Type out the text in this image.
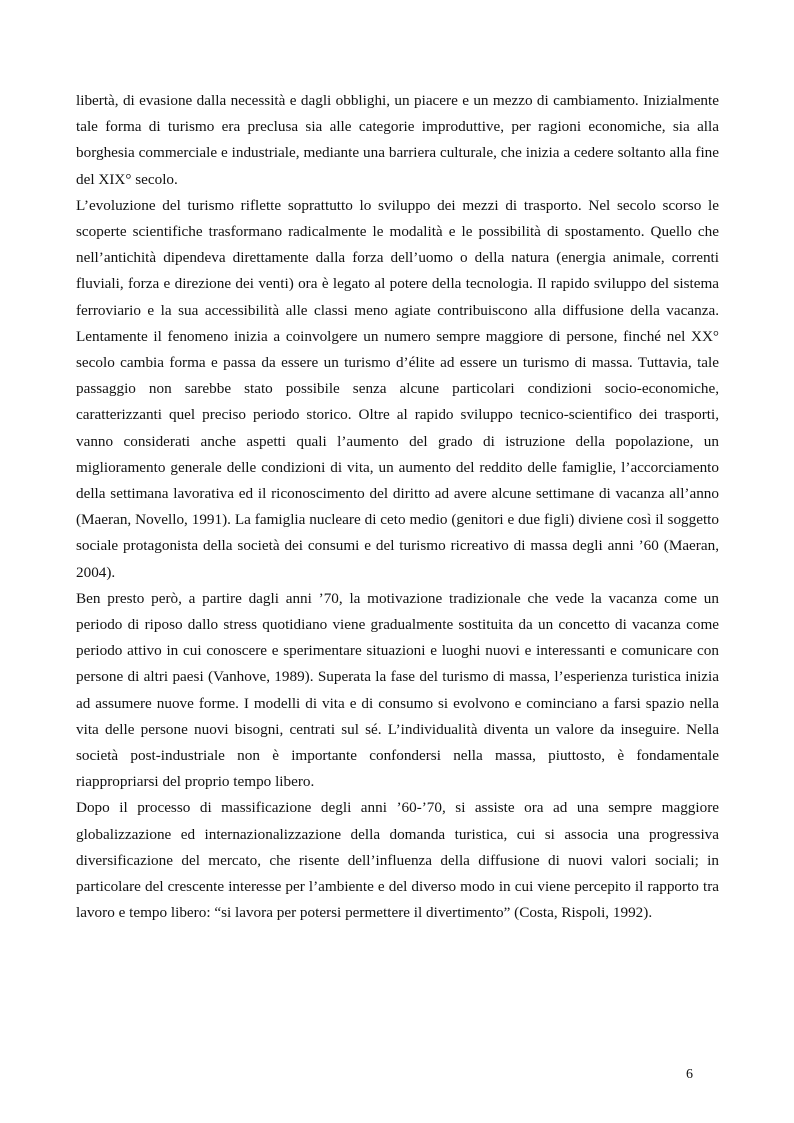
libertà, di evasione dalla necessità e dagli obblighi, un piacere e un mezzo di cambiamento. Inizialmente tale forma di turismo era preclusa sia alle categorie improduttive, per ragioni economiche, sia alla borghesia commerciale e industriale, mediante una barriera culturale, che inizia a cedere soltanto alla fine del XIX° secolo.

L’evoluzione del turismo riflette soprattutto lo sviluppo dei mezzi di trasporto. Nel secolo scorso le scoperte scientifiche trasformano radicalmente le modalità e le possibilità di spostamento. Quello che nell’antichità dipendeva direttamente dalla forza dell’uomo o della natura (energia animale, correnti fluviali, forza e direzione dei venti) ora è legato al potere della tecnologia. Il rapido sviluppo del sistema ferroviario e la sua accessibilità alle classi meno agiate contribuiscono alla diffusione della vacanza. Lentamente il fenomeno inizia a coinvolgere un numero sempre maggiore di persone, finché nel XX° secolo cambia forma e passa da essere un turismo d’élite ad essere un turismo di massa. Tuttavia, tale passaggio non sarebbe stato possibile senza alcune particolari condizioni socio-economiche, caratterizzanti quel preciso periodo storico. Oltre al rapido sviluppo tecnico-scientifico dei trasporti, vanno considerati anche aspetti quali l’aumento del grado di istruzione della popolazione, un miglioramento generale delle condizioni di vita, un aumento del reddito delle famiglie, l’accorciamento della settimana lavorativa ed il riconoscimento del diritto ad avere alcune settimane di vacanza all’anno (Maeran, Novello, 1991). La famiglia nucleare di ceto medio (genitori e due figli) diviene così il soggetto sociale protagonista della società dei consumi e del turismo ricreativo di massa degli anni ’60 (Maeran, 2004).

Ben presto però, a partire dagli anni ’70, la motivazione tradizionale che vede la vacanza come un periodo di riposo dallo stress quotidiano viene gradualmente sostituita da un concetto di vacanza come periodo attivo in cui conoscere e sperimentare situazioni e luoghi nuovi e interessanti e comunicare con persone di altri paesi (Vanhove, 1989). Superata la fase del turismo di massa, l’esperienza turistica inizia ad assumere nuove forme. I modelli di vita e di consumo si evolvono e cominciano a farsi spazio nella vita delle persone nuovi bisogni, centrati sul sé. L’individualità diventa un valore da inseguire. Nella società post-industriale non è importante confondersi nella massa, piuttosto, è fondamentale riappropriarsi del proprio tempo libero.

Dopo il processo di massificazione degli anni ’60-’70, si assiste ora ad una sempre maggiore globalizzazione ed internazionalizzazione della domanda turistica, cui si associa una progressiva diversificazione del mercato, che risente dell’influenza della diffusione di nuovi valori sociali; in particolare del crescente interesse per l’ambiente e del diverso modo in cui viene percepito il rapporto tra lavoro e tempo libero: “si lavora per potersi permettere il divertimento” (Costa, Rispoli, 1992).

6
